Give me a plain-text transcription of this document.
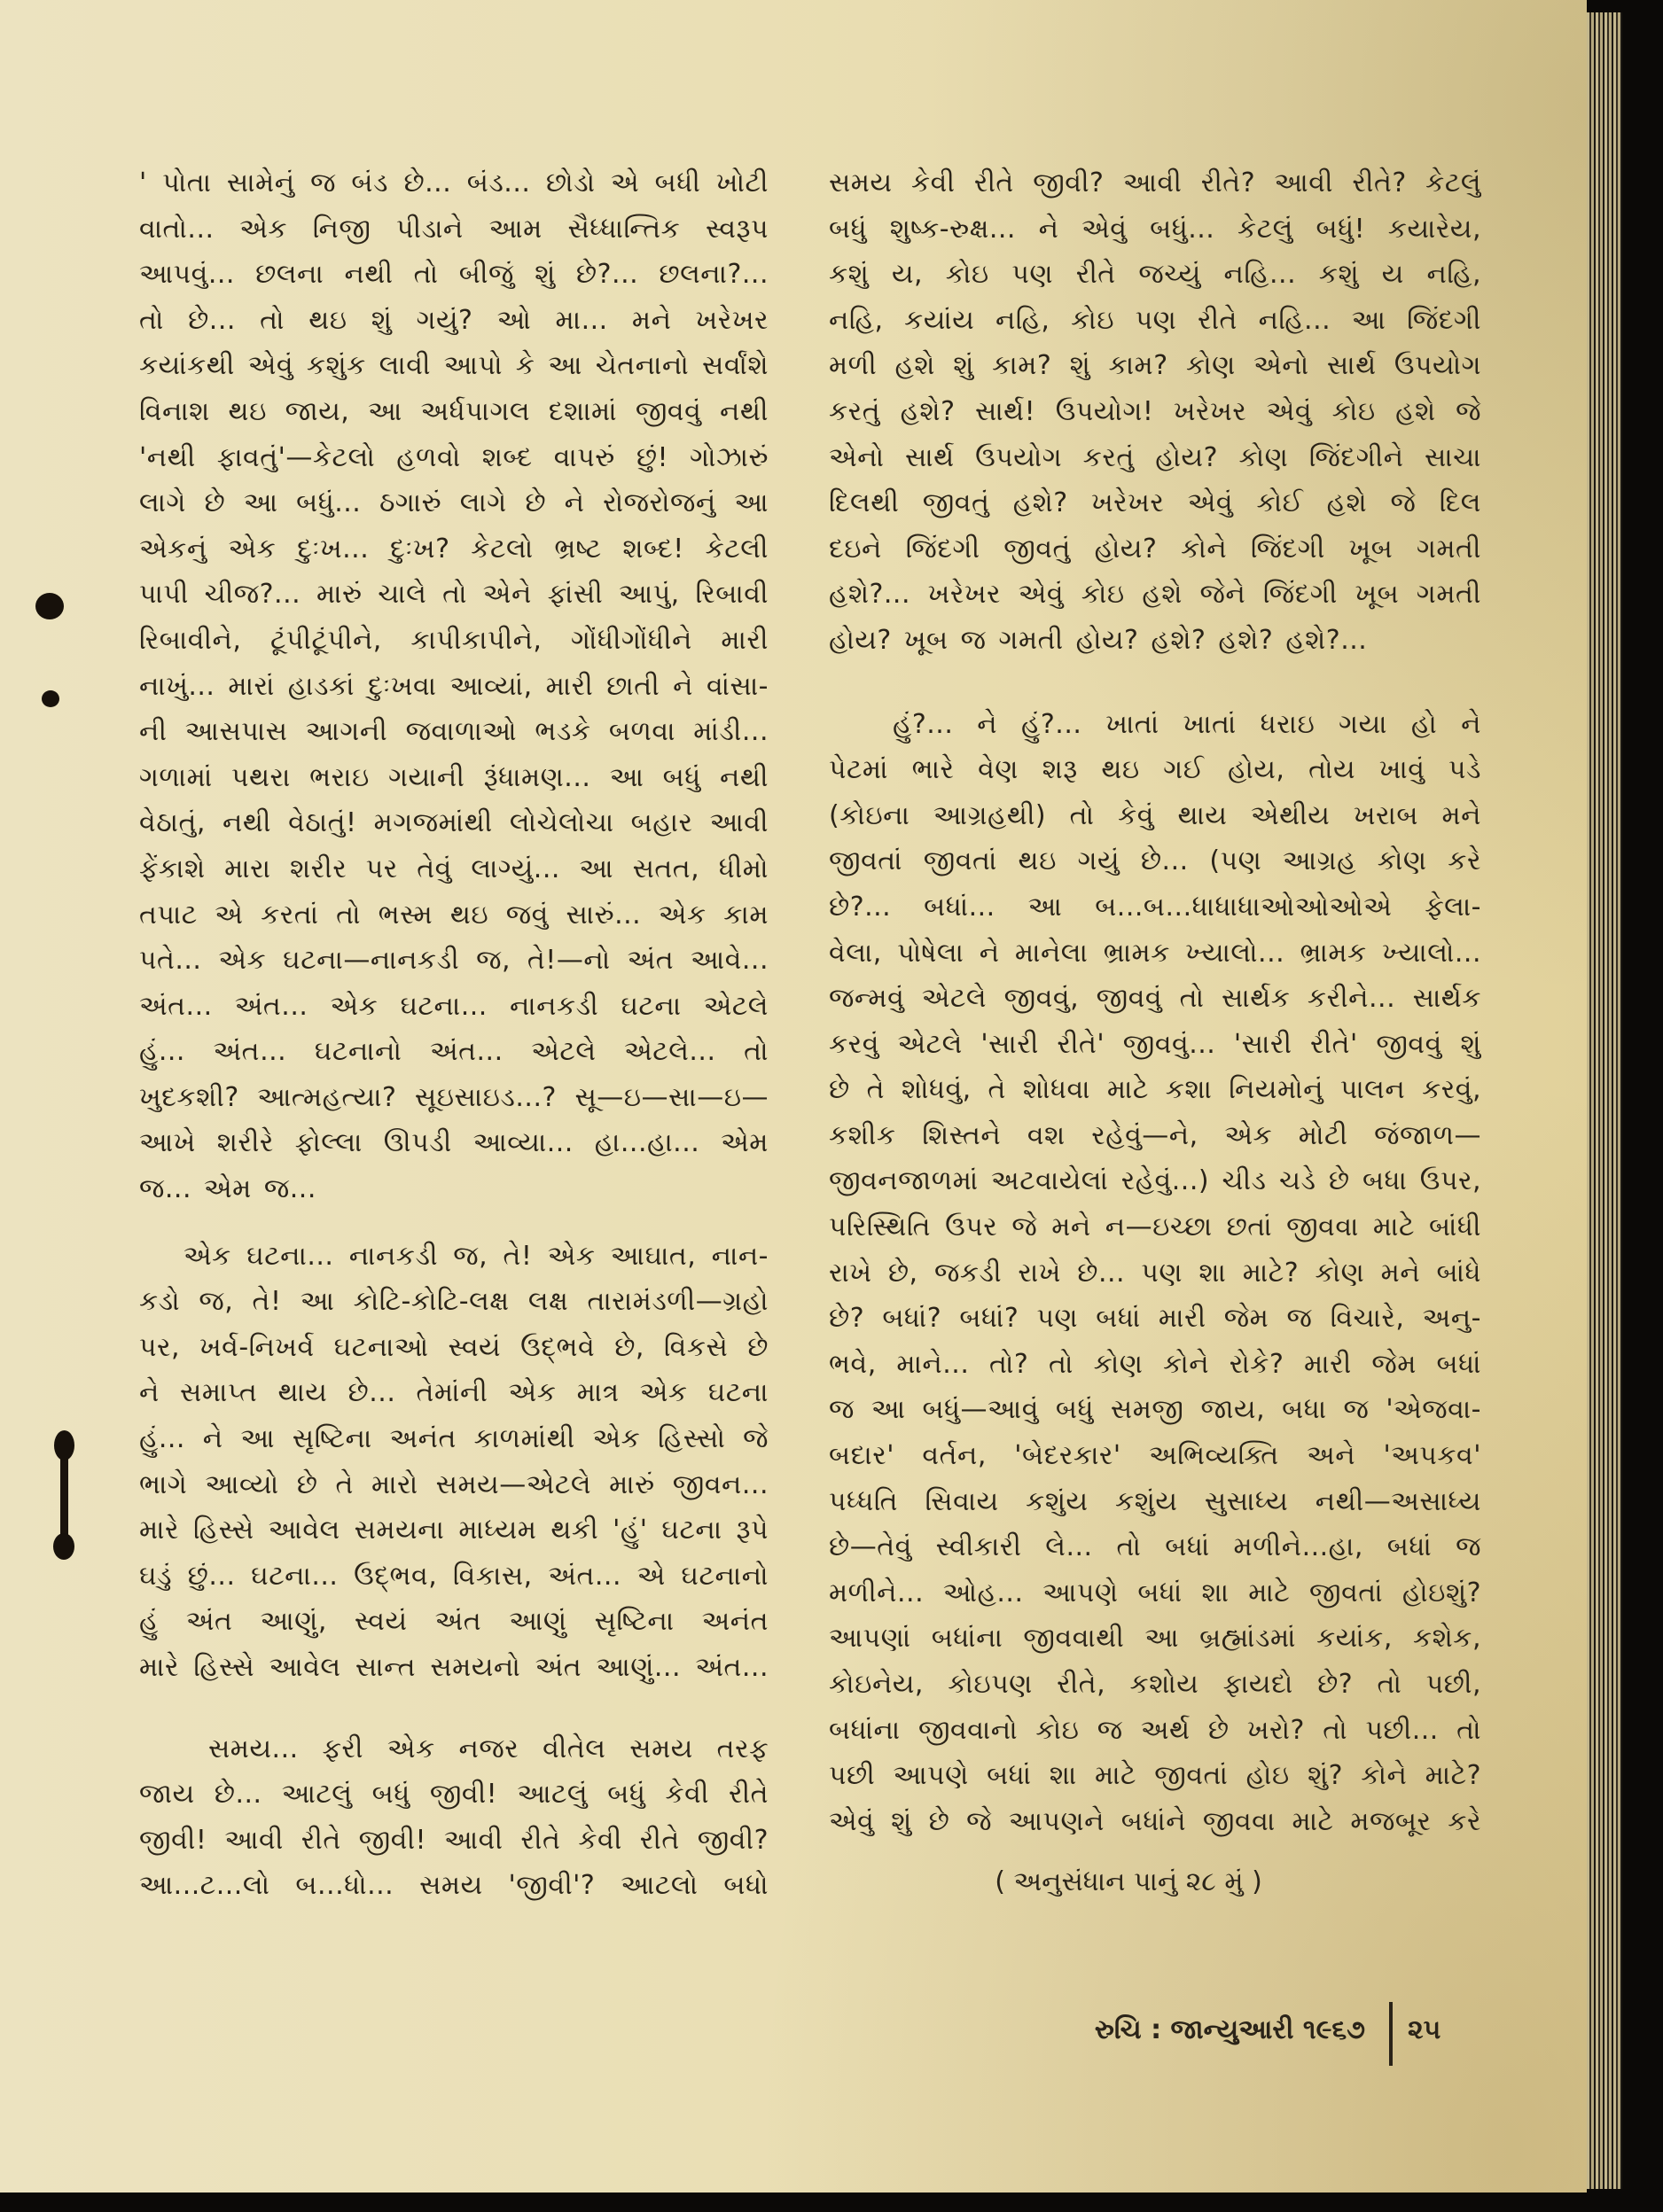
' પોતા સામેનું જ બંડ છે... બંડ... છોડો એ બધી ખોટી
વાતો... એક નિજી પીડાને આમ સૈધ્ધાન્તિક સ્વરૂપ
આપવું... છલના નથી તો બીજું શું છે?... છલના?...
તો છે... તો થઇ શું ગયું? ઓ મા... મને ખરેખર
કયાંકથી એવું કશુંક લાવી આપો કે આ ચેતનાનો સર્વાંશે
વિનાશ થઇ જાય, આ અર્ધપાગલ દશામાં જીવવું નથી
'નથી ફાવતું'—કેટલો હળવો શબ્દ વાપરું છું! ગોઝારું
લાગે છે આ બધું... ઠગારું લાગે છે ને રોજરોજનું આ
એકનું એક દુઃખ... દુઃખ? કેટલો ભ્રષ્ટ શબ્દ! કેટલી
પાપી ચીજ?... મારું ચાલે તો એને ફાંસી આપું, રિબાવી
રિબાવીને, ટૂંપીટૂંપીને, કાપીકાપીને, ગોંધીગોંધીને મારી
નાખું... મારાં હાડકાં દુઃખવા આવ્યાં, મારી છાતી ને વાંસા-
ની આસપાસ આગની જવાળાઓ ભડકે બળવા માંડી...
ગળામાં પથરા ભરાઇ ગયાની રૂંધામણ... આ બધું નથી
વેઠાતું, નથી વેઠાતું! મગજમાંથી લોચેલોચા બહાર આવી
ફેંકાશે મારા શરીર પર તેવું લાગ્યું... આ સતત, ધીમો
તપાટ એ કરતાં તો ભસ્મ થઇ જવું સારું... એક કામ
પતે... એક ઘટના—નાનકડી જ, તે!—નો અંત આવે...
અંત... અંત... એક ઘટના... નાનકડી ઘટના એટલે
હું... અંત... ઘટનાનો અંત... એટલે એટલે... તો
ખુદકશી? આત્મહત્યા? સૂઇસાઇડ...? સૂ—ઇ—સા—ઇ—
આખે શરીરે ફોલ્લા ઊપડી આવ્યા... હા...હા... એમ
જ... એમ જ...
એક ઘટના... નાનકડી જ, તે! એક આઘાત, નાન-
કડો જ, તે! આ કોટિ-કોટિ-લક્ષ લક્ષ તારામંડળી—ગ્રહો
પર, ખર્વ-નિખર્વ ઘટનાઓ સ્વયં ઉદ્ભવે છે, વિકસે છે
ને સમાપ્ત થાય છે... તેમાંની એક માત્ર એક ઘટના
હું... ને આ સૃષ્ટિના અનંત કાળમાંથી એક હિસ્સો જે
ભાગે આવ્યો છે તે મારો સમય—એટલે મારું જીવન...
મારે હિસ્સે આવેલ સમયના માધ્યમ થકી 'હું' ઘટના રૂપે
ઘડું છું... ઘટના... ઉદ્ભવ, વિકાસ, અંત... એ ઘટનાનો
હું અંત આણું, સ્વયં અંત આણું સૃષ્ટિના અનંત
મારે હિસ્સે આવેલ સાન્ત સમયનો અંત આણું... અંત...
સમય... ફરી એક નજર વીતેલ સમય તરફ
જાય છે... આટલું બધું જીવી! આટલું બધું કેવી રીતે
જીવી! આવી રીતે જીવી! આવી રીતે કેવી રીતે જીવી?
આ...ટ...લો બ...ધો... સમય 'જીવી'? આટલો બધો
સમય કેવી રીતે જીવી? આવી રીતે? આવી રીતે? કેટલું
બધું શુષ્ક-રુક્ષ... ને એવું બધું... કેટલું બધું! કયારેય,
કશું ય, કોઇ પણ રીતે જચ્યું નહિ... કશું ય નહિ,
નહિ, કયાંય નહિ, કોઇ પણ રીતે નહિ... આ જિંદગી
મળી હશે શું કામ? શું કામ? કોણ એનો સાર્થ ઉપયોગ
કરતું હશે? સાર્થ! ઉપયોગ! ખરેખર એવું કોઇ હશે જે
એનો સાર્થ ઉપયોગ કરતું હોય? કોણ જિંદગીને સાચા
દિલથી જીવતું હશે? ખરેખર એવું કોઈ હશે જે દિલ
દઇને જિંદગી જીવતું હોય? કોને જિંદગી ખૂબ ગમતી
હશે?... ખરેખર એવું કોઇ હશે જેને જિંદગી ખૂબ ગમતી
હોય? ખૂબ જ ગમતી હોય? હશે? હશે? હશે?...
હું?... ને હું?... ખાતાં ખાતાં ધરાઇ ગયા હો ને
પેટમાં ભારે વેણ શરૂ થઇ ગઈ હોય, તોય ખાવું પડે
(કોઇના આગ્રહથી) તો કેવું થાય એથીય ખરાબ મને
જીવતાં જીવતાં થઇ ગયું છે... (પણ આગ્રહ કોણ કરે
છે?... બધાં... આ બ...બ...ધાધાધાઓઓઓએ ફેલા-
વેલા, પોષેલા ને માનેલા ભ્રામક ખ્યાલો... ભ્રામક ખ્યાલો...
જન્મવું એટલે જીવવું, જીવવું તો સાર્થક કરીને... સાર્થક
કરવું એટલે 'સારી રીતે' જીવવું... 'સારી રીતે' જીવવું શું
છે તે શોધવું, તે શોધવા માટે કશા નિયમોનું પાલન કરવું,
કશીક શિસ્તને વશ રહેવું—ને, એક મોટી જંજાળ—
જીવનજાળમાં અટવાયેલાં રહેવું...) ચીડ ચડે છે બધા ઉપર,
પરિસ્થિતિ ઉપર જે મને ન—ઇચ્છા છતાં જીવવા માટે બાંધી
રાખે છે, જકડી રાખે છે... પણ શા માટે? કોણ મને બાંધે
છે? બધાં? બધાં? પણ બધાં મારી જેમ જ વિચારે, અનુ-
ભવે, માને... તો? તો કોણ કોને રોકે? મારી જેમ બધાં
જ આ બધું—આવું બધું સમજી જાય, બધા જ 'એજવા-
બદાર' વર્તન, 'બેદરકાર' અભિવ્યક્તિ અને 'અપકવ'
પધ્ધતિ સિવાય કશુંય કશુંય સુસાધ્ય નથી—અસાધ્ય
છે—તેવું સ્વીકારી લે... તો બધાં મળીને...હા, બધાં જ
મળીને... ઓહ... આપણે બધાં શા માટે જીવતાં હોઇશું?
આપણાં બધાંના જીવવાથી આ બ્રહ્માંડમાં કયાંક, કશેક,
કોઇનેય, કોઇપણ રીતે, કશોય ફાયદો છે? તો પછી,
બધાંના જીવવાનો કોઇ જ અર્થ છે ખરો? તો પછી... તો
પછી આપણે બધાં શા માટે જીવતાં હોઇ શું? કોને માટે?
એવું શું છે જે આપણને બધાંને જીવવા માટે મજબૂર કરે
( અનુસંધાન પાનું ૨૮ મું )
રુચિ : જાન્યુઆરી ૧૯૬૭ ૨૫
